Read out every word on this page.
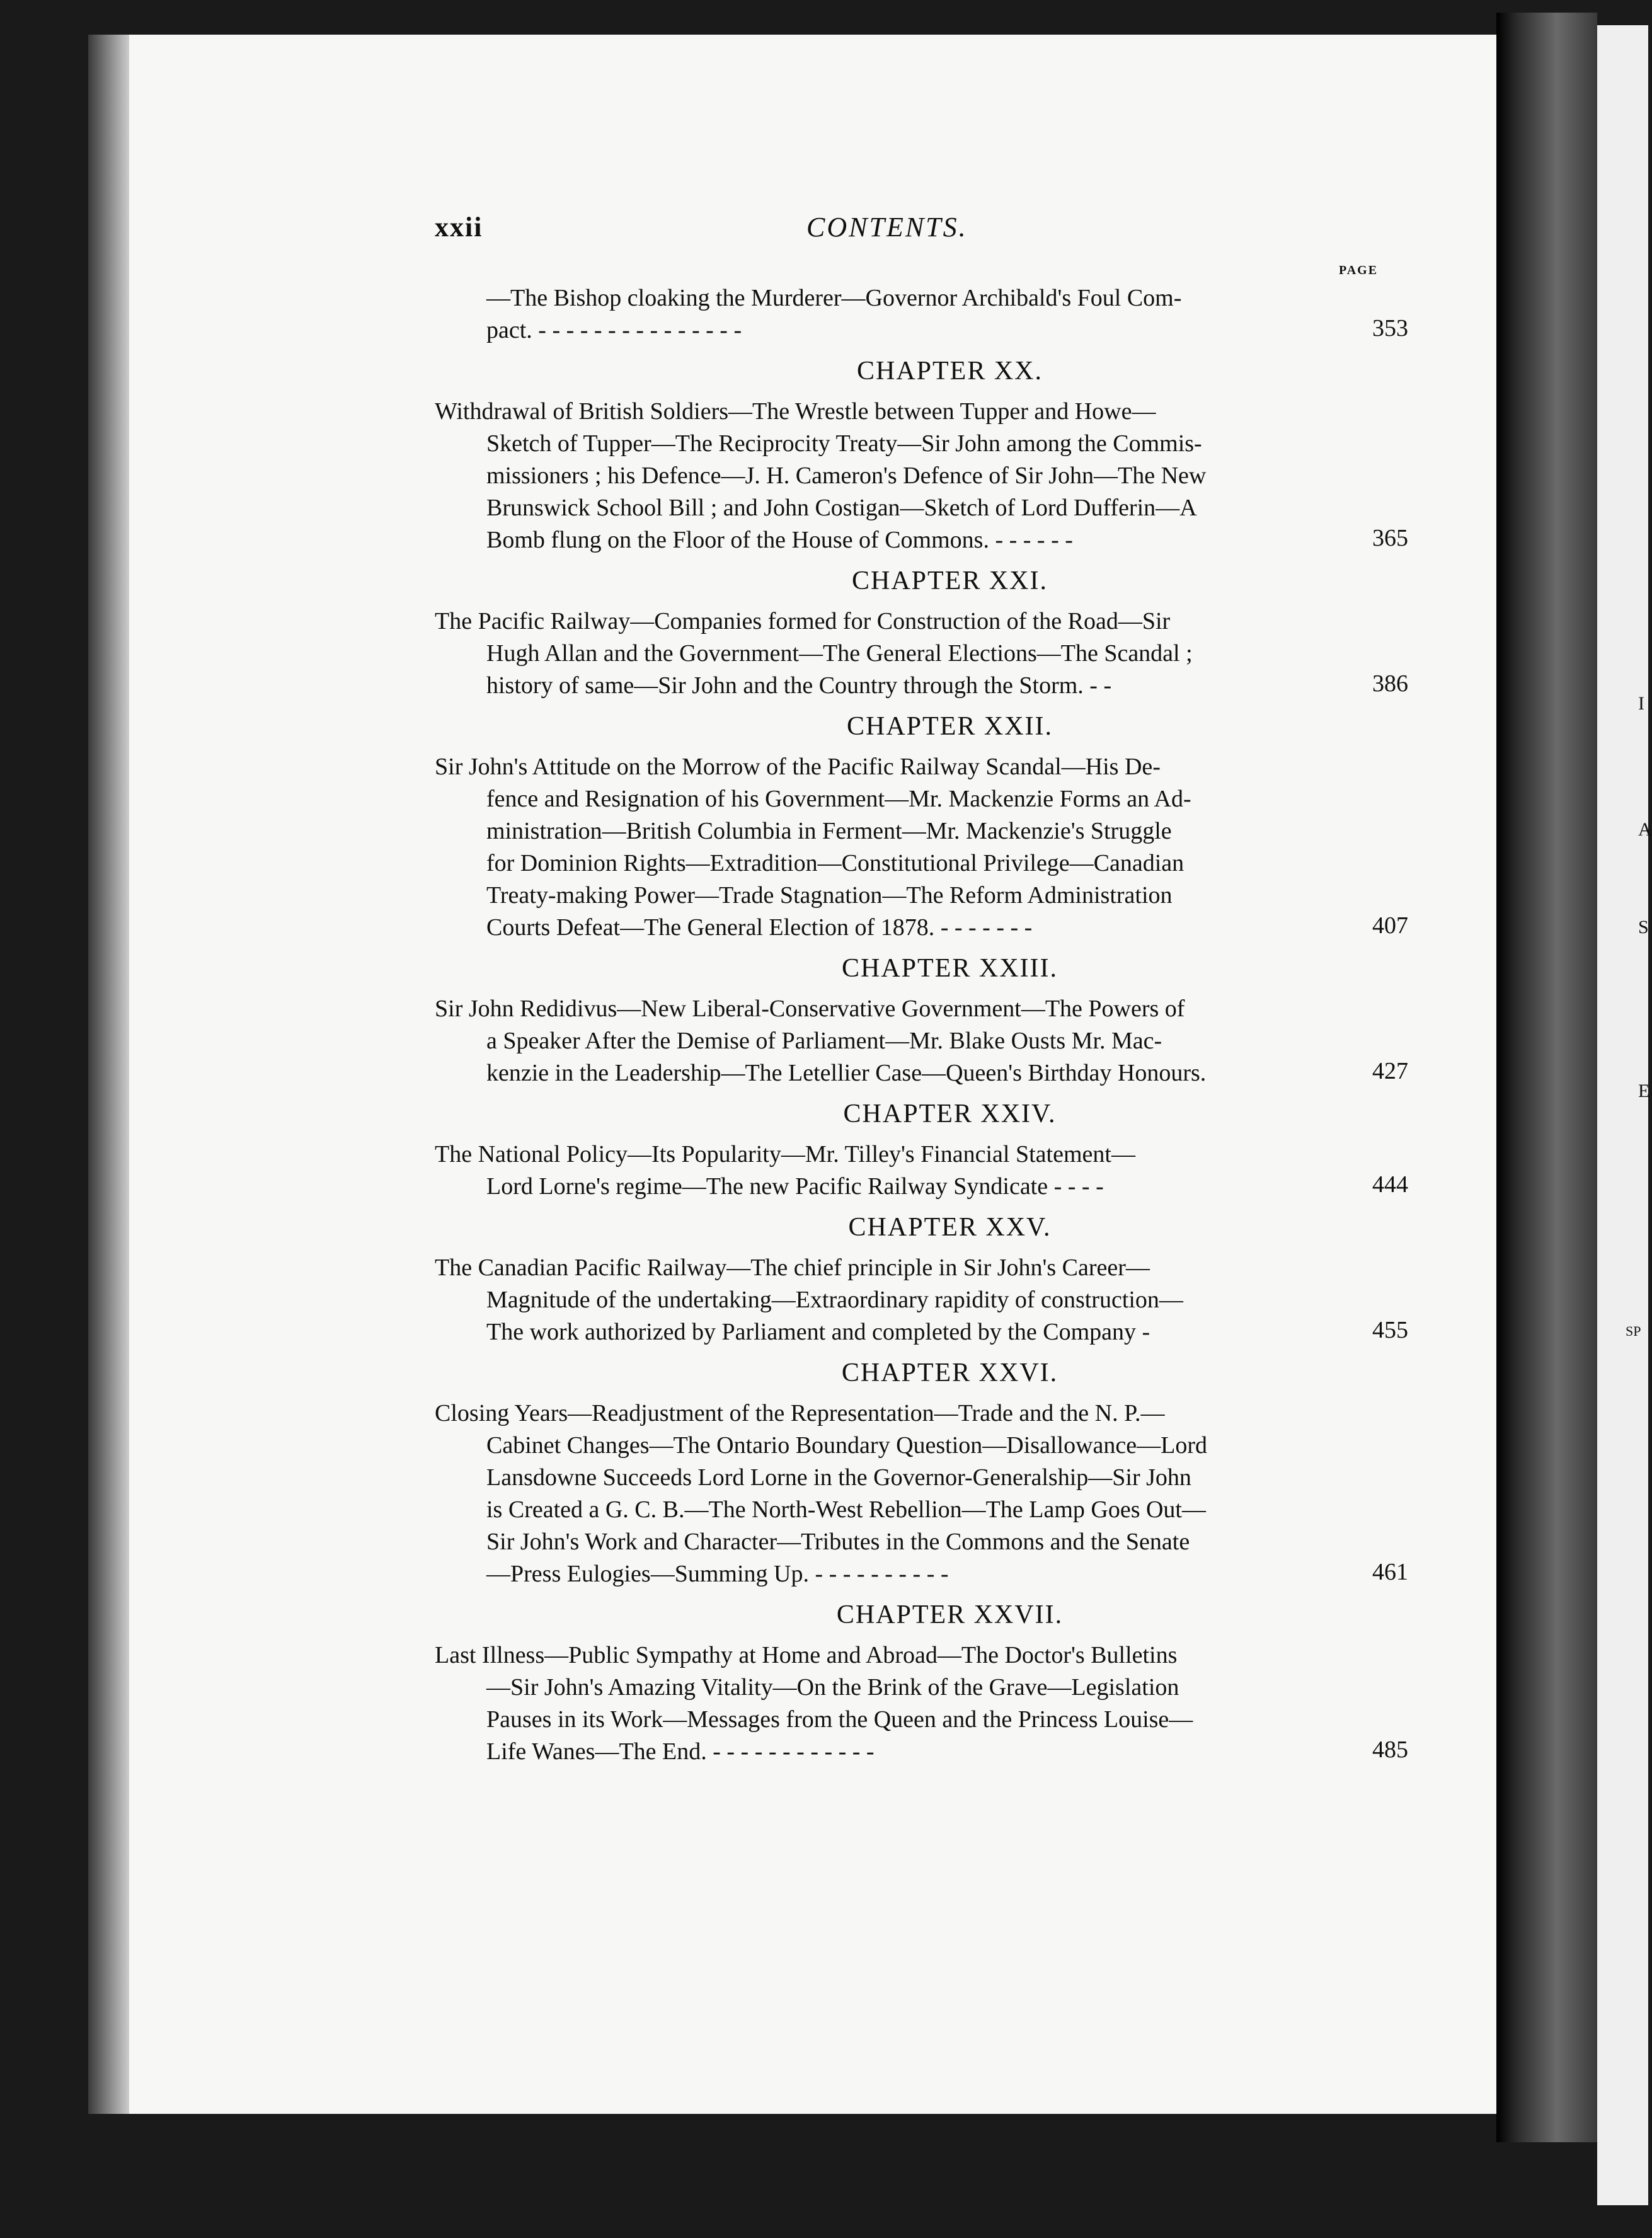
I
A
S
E
SP
xxii	CONTENTS.
PAGE
—The Bishop cloaking the Murderer—Governor Archibald's Foul Com-
pact. - - - - - - - - - - - - - - -	353
CHAPTER XX.
Withdrawal of British Soldiers—The Wrestle between Tupper and Howe—
Sketch of Tupper—The Reciprocity Treaty—Sir John among the Commis-
missioners ; his Defence—J. H. Cameron's Defence of Sir John—The New
Brunswick School Bill ; and John Costigan—Sketch of Lord Dufferin—A
Bomb flung on the Floor of the House of Commons. - - - - - -	365
CHAPTER XXI.
The Pacific Railway—Companies formed for Construction of the Road—Sir
Hugh Allan and the Government—The General Elections—The Scandal ;
history of same—Sir John and the Country through the Storm. - -	386
CHAPTER XXII.
Sir John's Attitude on the Morrow of the Pacific Railway Scandal—His De-
fence and Resignation of his Government—Mr. Mackenzie Forms an Ad-
ministration—British Columbia in Ferment—Mr. Mackenzie's Struggle
for Dominion Rights—Extradition—Constitutional Privilege—Canadian
Treaty-making Power—Trade Stagnation—The Reform Administration
Courts Defeat—The General Election of 1878. - - - - - - -	407
CHAPTER XXIII.
Sir John Redidivus—New Liberal-Conservative Government—The Powers of
a Speaker After the Demise of Parliament—Mr. Blake Ousts Mr. Mac-
kenzie in the Leadership—The Letellier Case—Queen's Birthday Honours.	427
CHAPTER XXIV.
The National Policy—Its Popularity—Mr. Tilley's Financial Statement—
Lord Lorne's regime—The new Pacific Railway Syndicate - - - -	444
CHAPTER XXV.
The Canadian Pacific Railway—The chief principle in Sir John's Career—
Magnitude of the undertaking—Extraordinary rapidity of construction—
The work authorized by Parliament and completed by the Company -	455
CHAPTER XXVI.
Closing Years—Readjustment of the Representation—Trade and the N. P.—
Cabinet Changes—The Ontario Boundary Question—Disallowance—Lord
Lansdowne Succeeds Lord Lorne in the Governor-Generalship—Sir John
is Created a G. C. B.—The North-West Rebellion—The Lamp Goes Out—
Sir John's Work and Character—Tributes in the Commons and the Senate
—Press Eulogies—Summing Up. - - - - - - - - - -	461
CHAPTER XXVII.
Last Illness—Public Sympathy at Home and Abroad—The Doctor's Bulletins
—Sir John's Amazing Vitality—On the Brink of the Grave—Legislation
Pauses in its Work—Messages from the Queen and the Princess Louise—
Life Wanes—The End. - - - - - - - - - - - -	485
